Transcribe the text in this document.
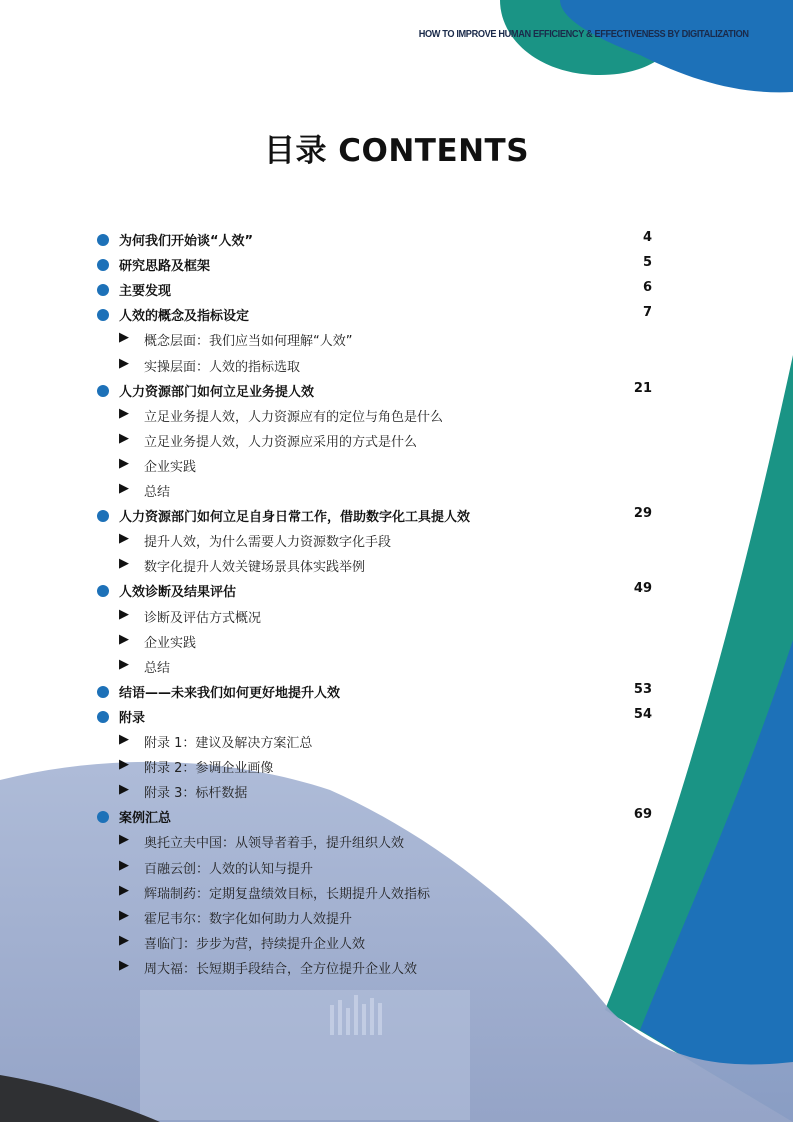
HOW TO IMPROVE HUMAN EFFICIENCY & EFFECTIVENESS BY DIGITALIZATION
目录 CONTENTS
为何我们开始谈“人效”	4
研究思路及框架	5
主要发现	6
人效的概念及指标设定	7
▶ 概念层面：我们应当如何理解“人效”
▶ 实操层面：人效的指标选取
人力资源部门如何立足业务提人效	21
▶ 立足业务提人效，人力资源应有的定位与角色是什么
▶ 立足业务提人效，人力资源应采用的方式是什么
▶ 企业实践
▶ 总结
人力资源部门如何立足自身日常工作，借助数字化工具提人效	29
▶ 提升人效，为什么需要人力资源数字化手段
▶ 数字化提升人效关键场景具体实践举例
人效诊断及结果评估	49
▶ 诊断及评估方式概况
▶ 企业实践
▶ 总结
结语——未来我们如何更好地提升人效	53
附录	54
▶ 附录 1：建议及解决方案汇总
▶ 附录 2：参调企业画像
▶ 附录 3：标杆数据
案例汇总	69
▶ 奥托立夫中国：从领导者着手，提升组织人效
▶ 百融云创：人效的认知与提升
▶ 辉瑞制药：定期复盘绩效目标，长期提升人效指标
▶ 霍尼韦尔：数字化如何助力人效提升
▶ 喜临门：步步为营，持续提升企业人效
▶ 周大福：长短期手段结合，全方位提升企业人效
